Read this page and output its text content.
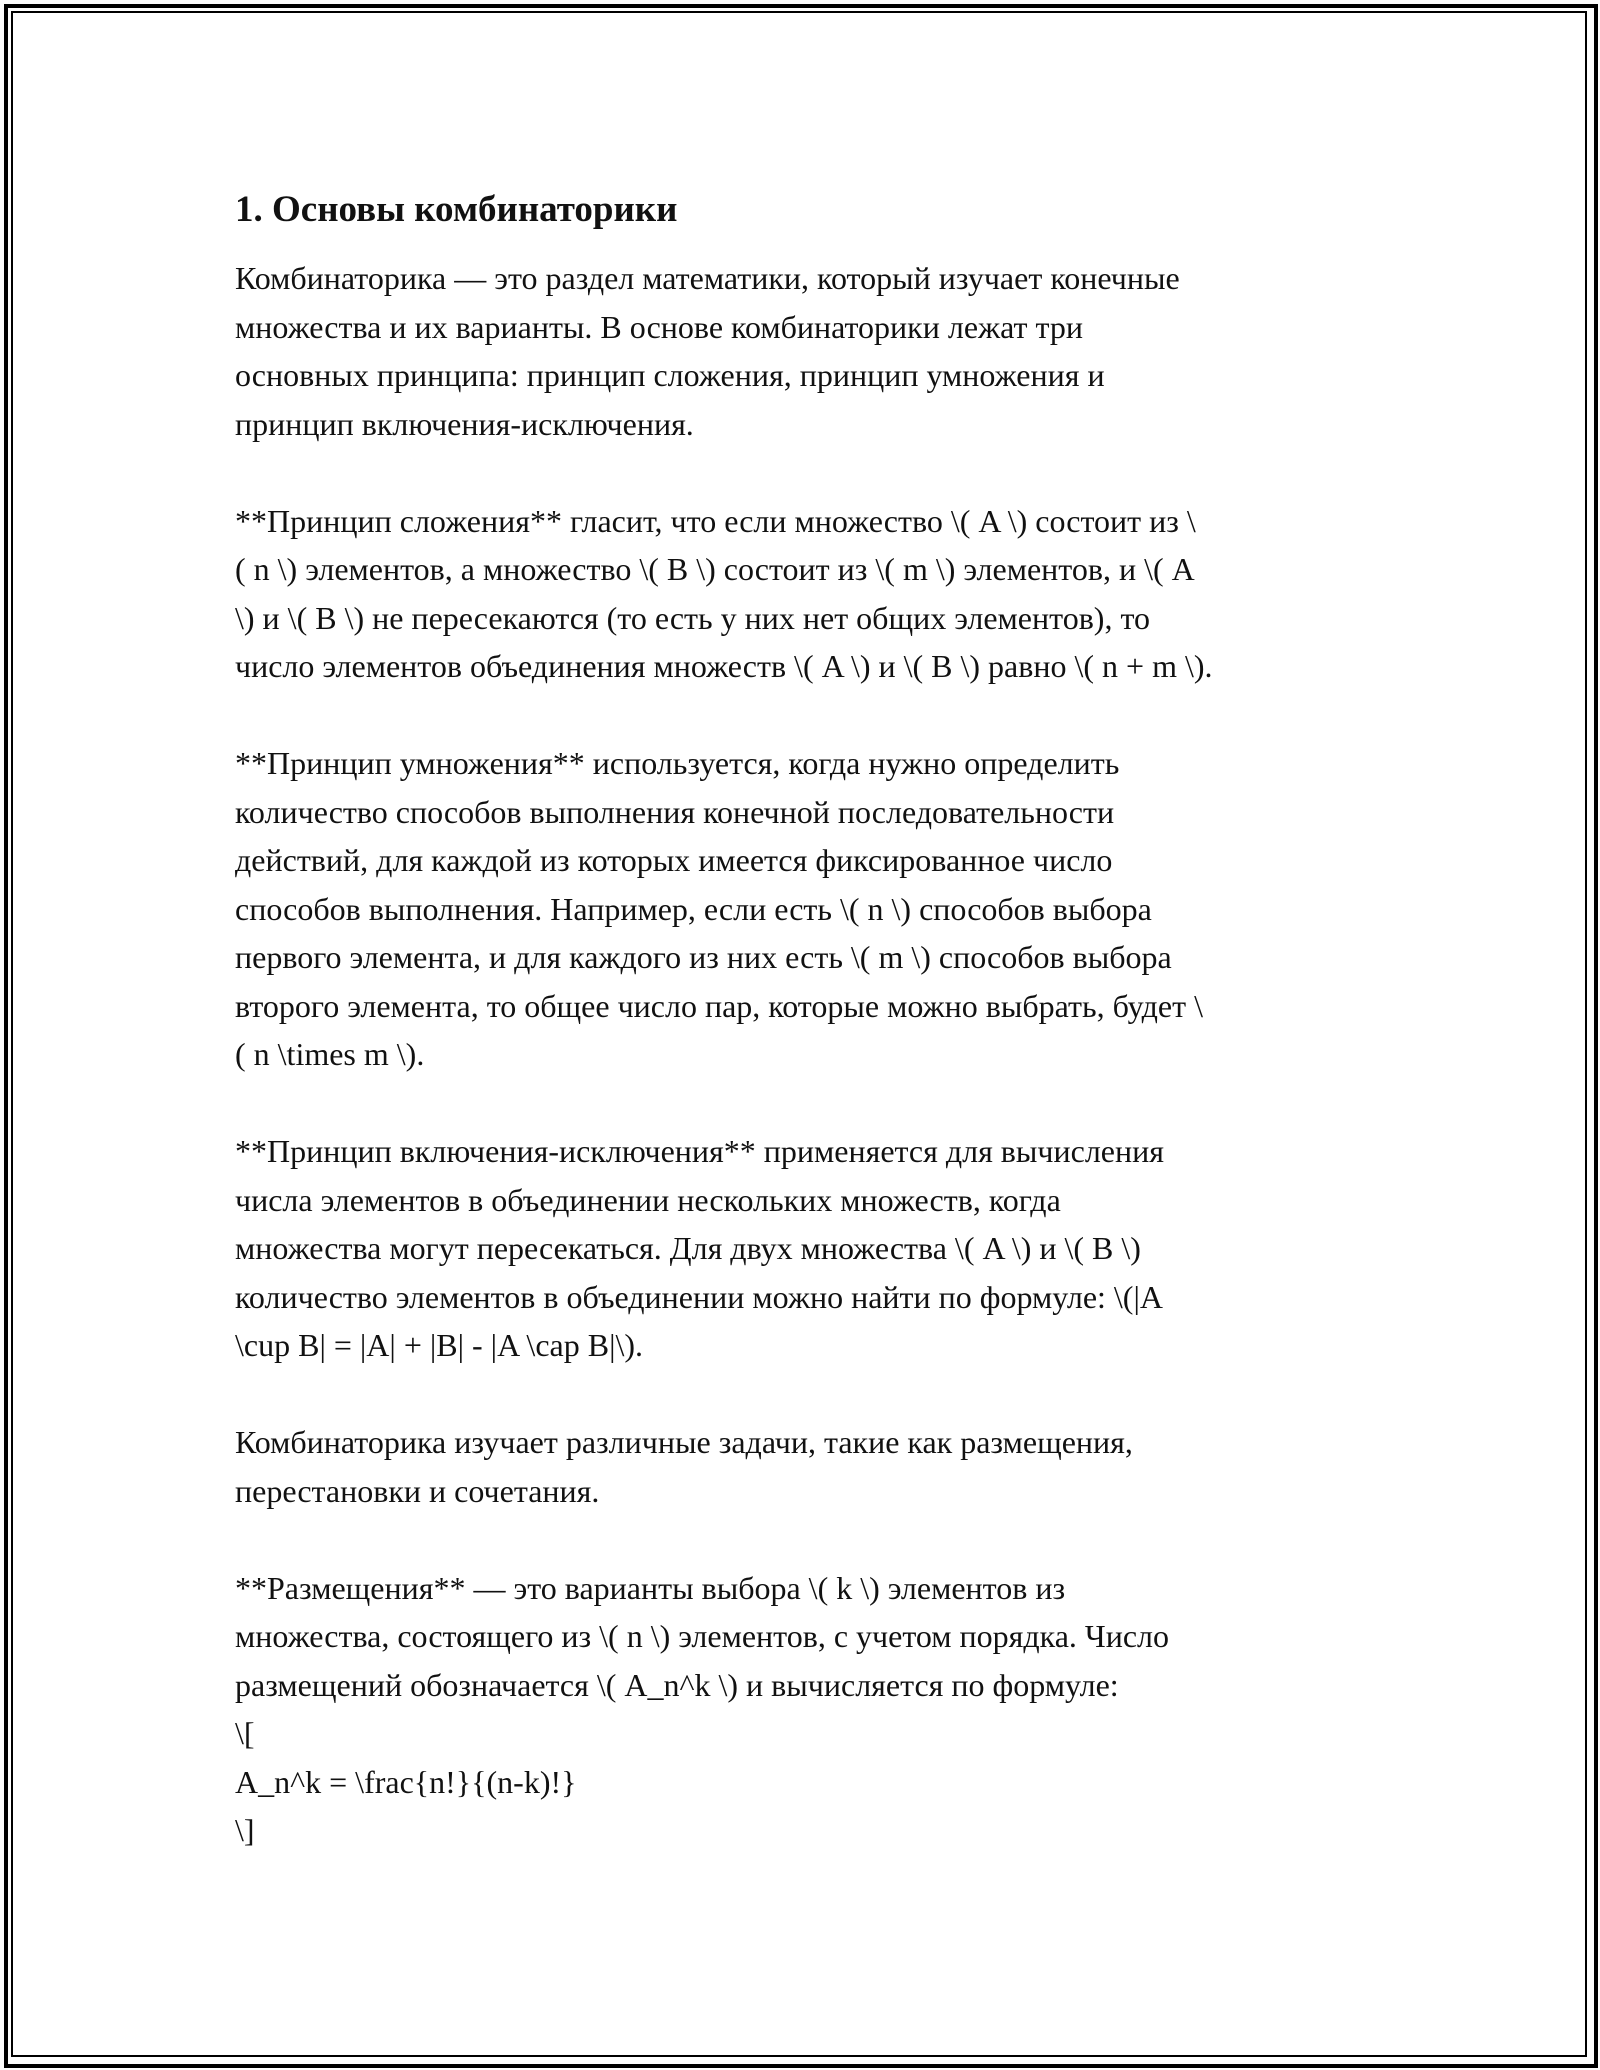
1. Основы комбинаторики
Комбинаторика — это раздел математики, который изучает конечные
множества и их варианты. В основе комбинаторики лежат три
основных принципа: принцип сложения, принцип умножения и
принцип включения-исключения.
**Принцип сложения** гласит, что если множество \( A \) состоит из \
( n \) элементов, а множество \( B \) состоит из \( m \) элементов, и \( A
\) и \( B \) не пересекаются (то есть у них нет общих элементов), то
число элементов объединения множеств \( A \) и \( B \) равно \( n + m \).
**Принцип умножения** используется, когда нужно определить
количество способов выполнения конечной последовательности
действий, для каждой из которых имеется фиксированное число
способов выполнения. Например, если есть \( n \) способов выбора
первого элемента, и для каждого из них есть \( m \) способов выбора
второго элемента, то общее число пар, которые можно выбрать, будет \
( n \times m \).
**Принцип включения-исключения** применяется для вычисления
числа элементов в объединении нескольких множеств, когда
множества могут пересекаться. Для двух множества \( A \) и \( B \)
количество элементов в объединении можно найти по формуле: \(|A
\cup B| = |A| + |B| - |A \cap B|\).
Комбинаторика изучает различные задачи, такие как размещения,
перестановки и сочетания.
**Размещения** — это варианты выбора \( k \) элементов из
множества, состоящего из \( n \) элементов, с учетом порядка. Число
размещений обозначается \( A_n^k \) и вычисляется по формуле:
\[
A_n^k = \frac{n!}{(n-k)!}
\]
